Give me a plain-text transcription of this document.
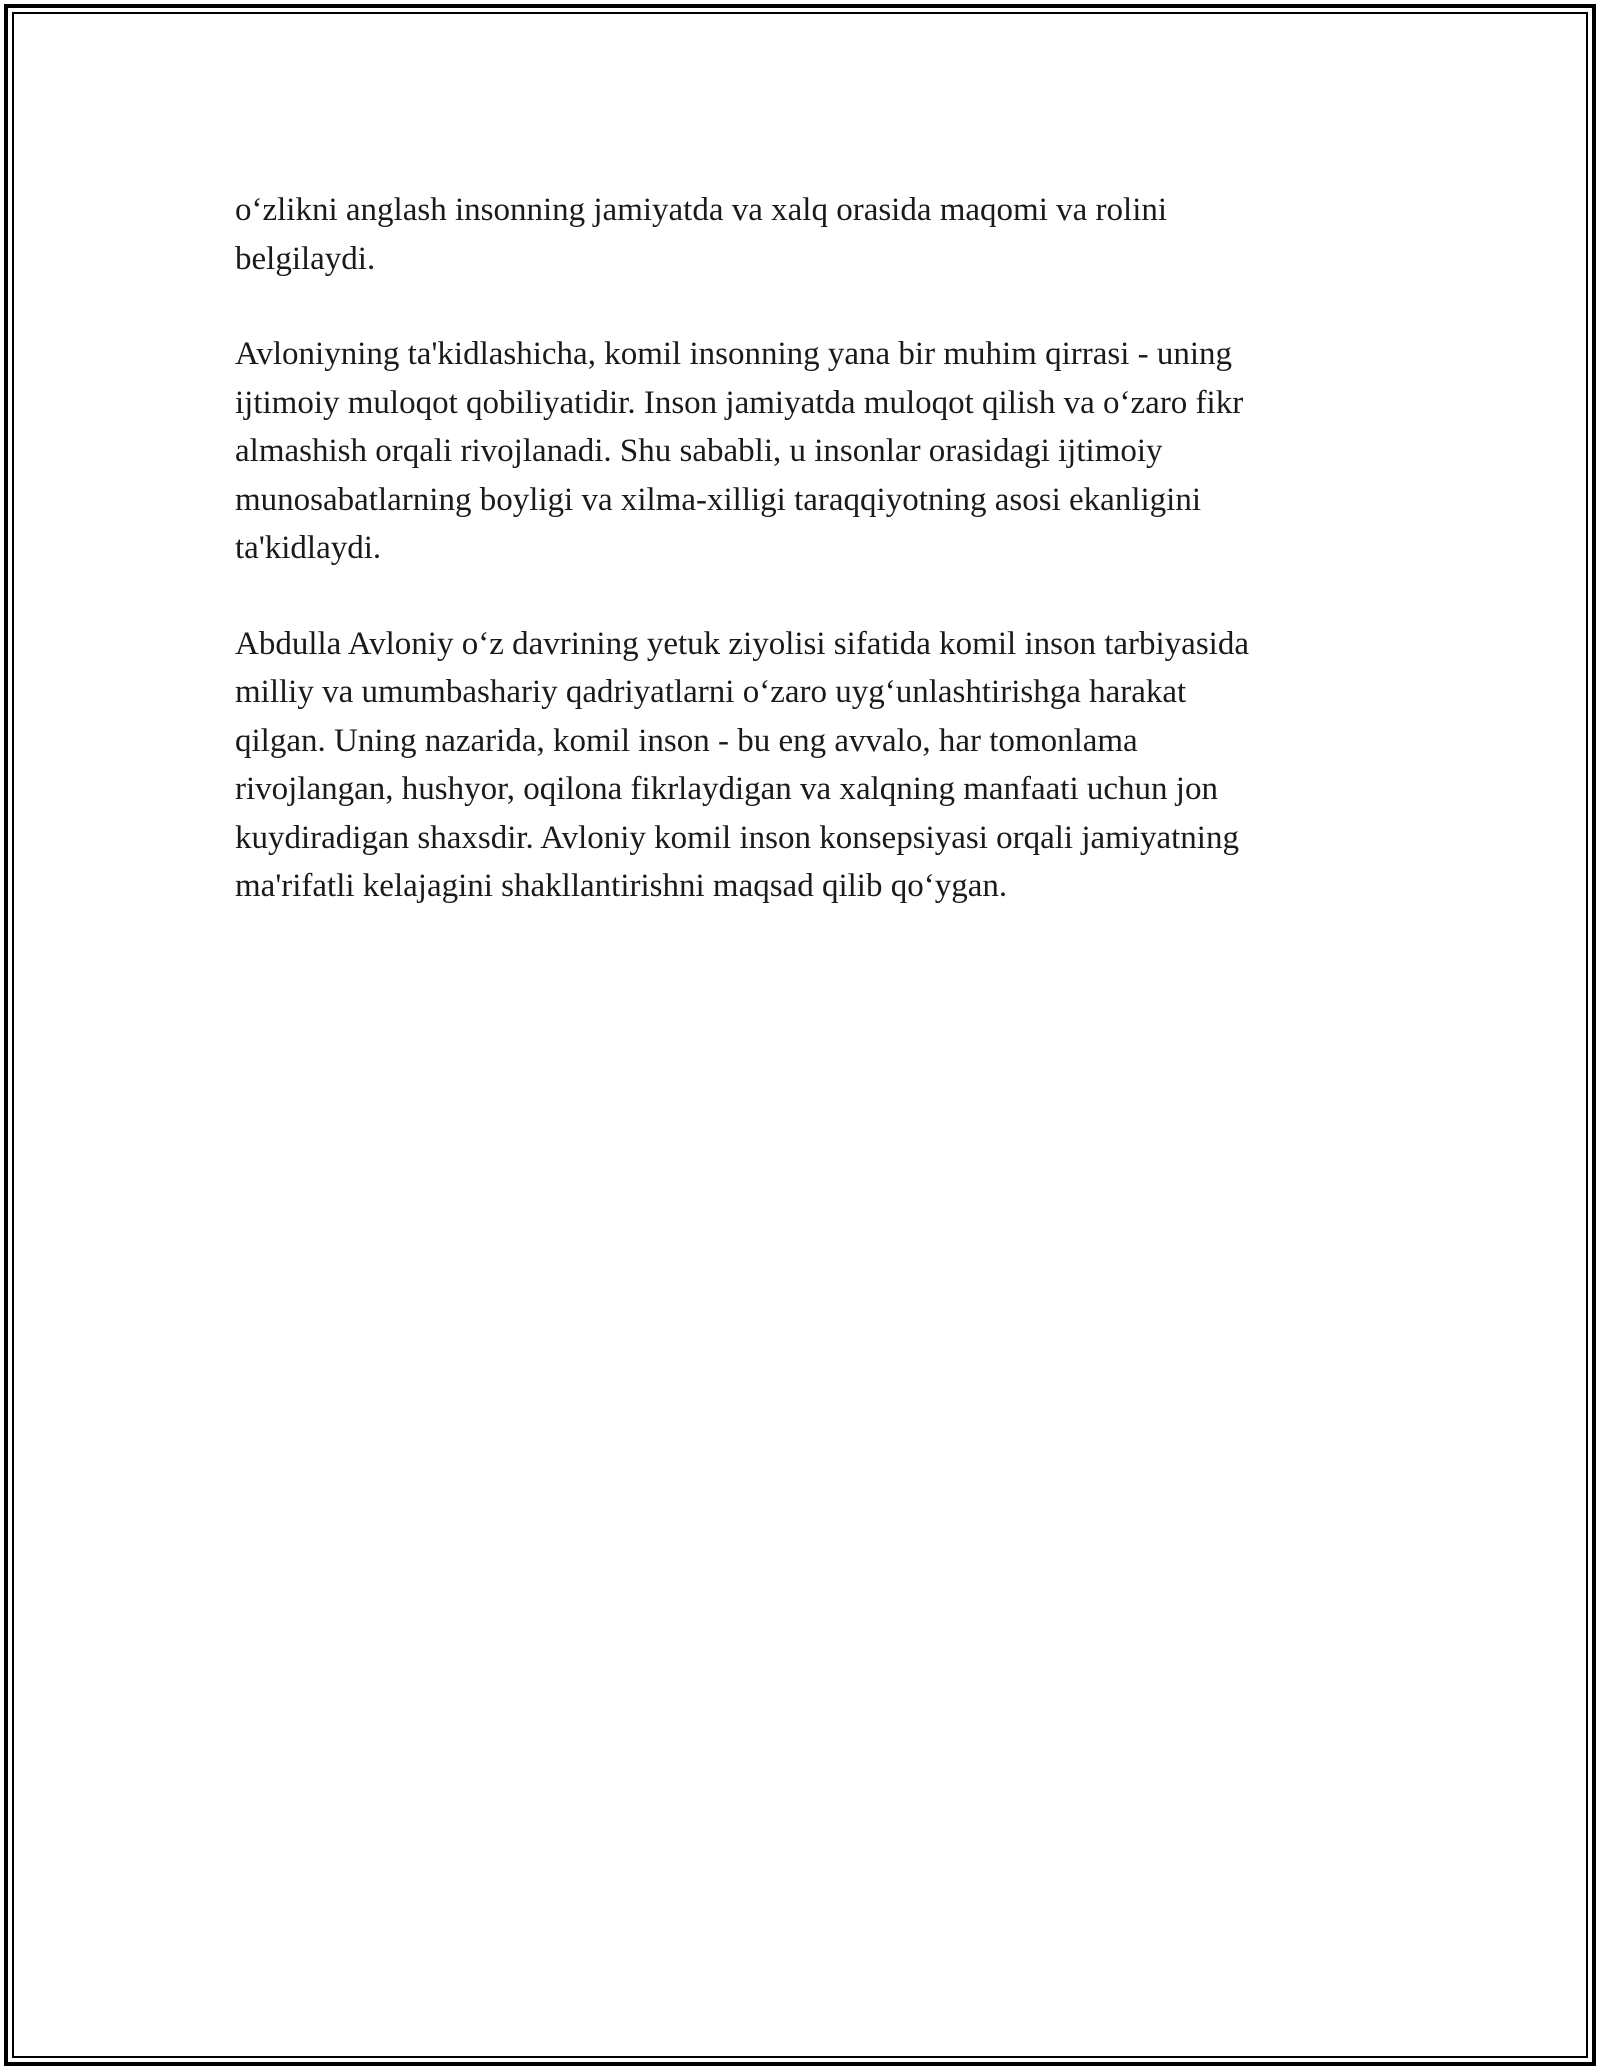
o‘zlikni anglash insonning jamiyatda va xalq orasida maqomi va rolini
belgilaydi.

Avloniyning ta'kidlashicha, komil insonning yana bir muhim qirrasi - uning
ijtimoiy muloqot qobiliyatidir. Inson jamiyatda muloqot qilish va o‘zaro fikr
almashish orqali rivojlanadi. Shu sababli, u insonlar orasidagi ijtimoiy
munosabatlarning boyligi va xilma-xilligi taraqqiyotning asosi ekanligini
ta'kidlaydi.

Abdulla Avloniy o‘z davrining yetuk ziyolisi sifatida komil inson tarbiyasida
milliy va umumbashariy qadriyatlarni o‘zaro uyg‘unlashtirishga harakat
qilgan. Uning nazarida, komil inson - bu eng avvalo, har tomonlama
rivojlangan, hushyor, oqilona fikrlaydigan va xalqning manfaati uchun jon
kuydiradigan shaxsdir. Avloniy komil inson konsepsiyasi orqali jamiyatning
ma'rifatli kelajagini shakllantirishni maqsad qilib qo‘ygan.
